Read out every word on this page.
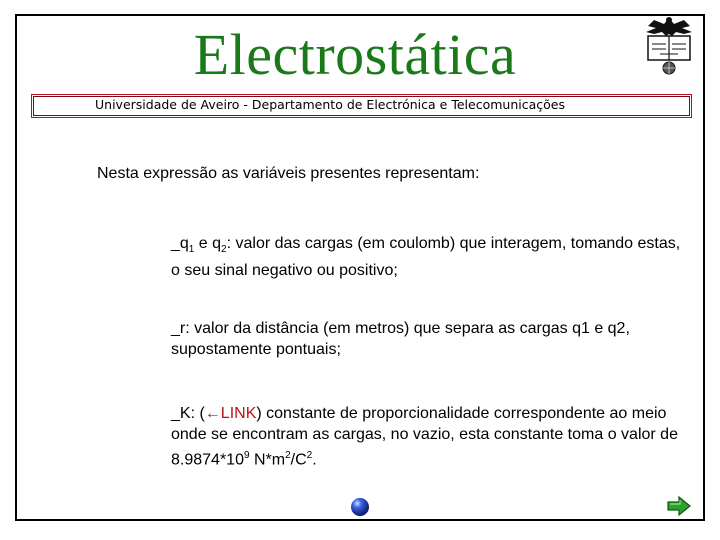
Electrostática
Universidade de Aveiro - Departamento de Electrónica e Telecomunicações
Nesta expressão as variáveis presentes representam:
$\_q_1$ e $q_2$: valor das cargas (em coulomb) que interagem, tomando estas, o seu sinal negativo ou positivo;
_r: valor da distância (em metros) que separa as cargas q1 e q2, supostamente pontuais;
_K: (←LINK) constante de proporcionalidade correspondente ao meio onde se encontram as cargas, no vazio, esta constante toma o valor de $8.9874*10^9$ $N*m^2/C^2$.
